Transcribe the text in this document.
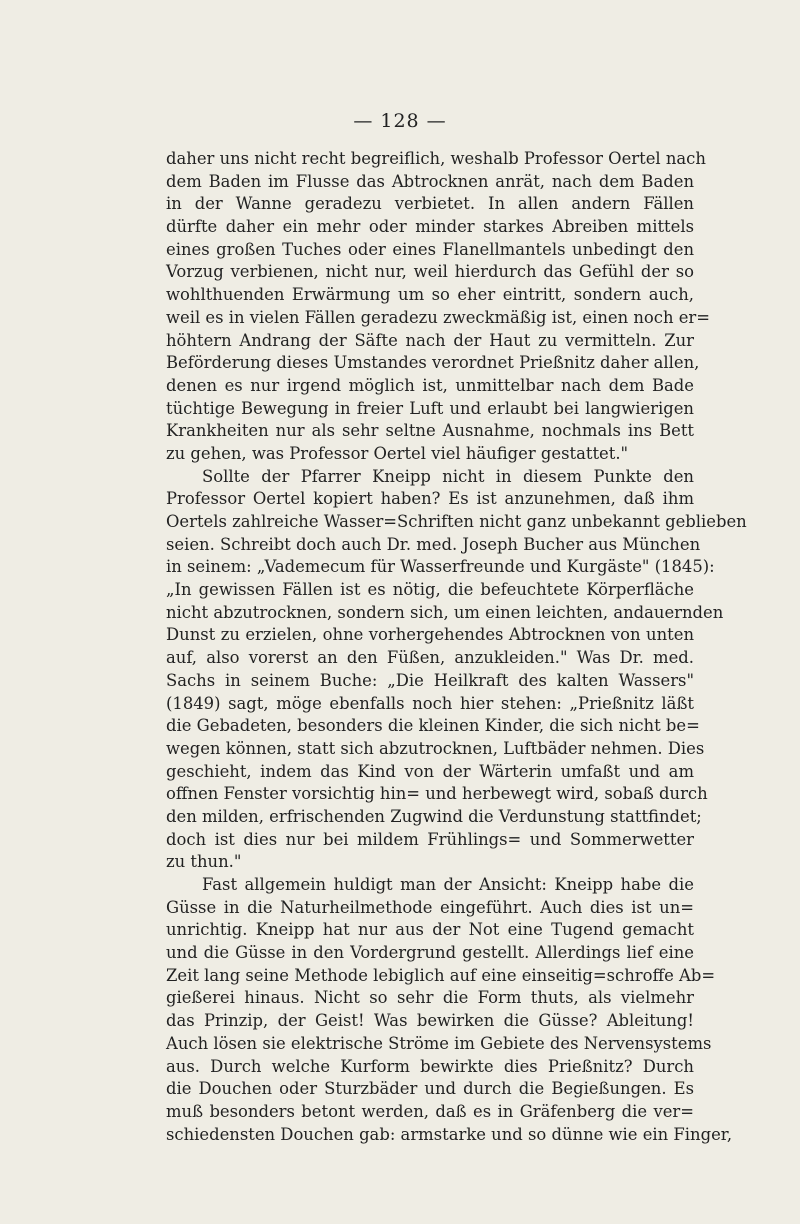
— 128 —
daher uns nicht recht begreiflich, weshalb Professor Oertel nach
dem Baden im Flusse das Abtrocknen anrät, nach dem Baden
in der Wanne geradezu verbietet. In allen andern Fällen
dürfte daher ein mehr oder minder starkes Abreiben mittels
eines großen Tuches oder eines Flanellmantels unbedingt den
Vorzug verbienen, nicht nur, weil hierdurch das Gefühl der so
wohlthuenden Erwärmung um so eher eintritt, sondern auch,
weil es in vielen Fällen geradezu zweckmäßig ist, einen noch er=
höhtern Andrang der Säfte nach der Haut zu vermitteln. Zur
Beförderung dieses Umstandes verordnet Prießnitz daher allen,
denen es nur irgend möglich ist, unmittelbar nach dem Bade
tüchtige Bewegung in freier Luft und erlaubt bei langwierigen
Krankheiten nur als sehr seltne Ausnahme, nochmals ins Bett
zu gehen, was Professor Oertel viel häufiger gestattet."
Sollte der Pfarrer Kneipp nicht in diesem Punkte den
Professor Oertel kopiert haben? Es ist anzunehmen, daß ihm
Oertels zahlreiche Wasser=Schriften nicht ganz unbekannt geblieben
seien. Schreibt doch auch Dr. med. Joseph Bucher aus München
in seinem: „Vademecum für Wasserfreunde und Kurgäste" (1845):
„In gewissen Fällen ist es nötig, die befeuchtete Körperfläche
nicht abzutrocknen, sondern sich, um einen leichten, andauernden
Dunst zu erzielen, ohne vorhergehendes Abtrocknen von unten
auf, also vorerst an den Füßen, anzukleiden." Was Dr. med.
Sachs in seinem Buche: „Die Heilkraft des kalten Wassers"
(1849) sagt, möge ebenfalls noch hier stehen: „Prießnitz läßt
die Gebadeten, besonders die kleinen Kinder, die sich nicht be=
wegen können, statt sich abzutrocknen, Luftbäder nehmen. Dies
geschieht, indem das Kind von der Wärterin umfaßt und am
offnen Fenster vorsichtig hin= und herbewegt wird, sobaß durch
den milden, erfrischenden Zugwind die Verdunstung stattfindet;
doch ist dies nur bei mildem Frühlings= und Sommerwetter
zu thun."
Fast allgemein huldigt man der Ansicht: Kneipp habe die
Güsse in die Naturheilmethode eingeführt. Auch dies ist un=
unrichtig. Kneipp hat nur aus der Not eine Tugend gemacht
und die Güsse in den Vordergrund gestellt. Allerdings lief eine
Zeit lang seine Methode lebiglich auf eine einseitig=schroffe Ab=
gießerei hinaus. Nicht so sehr die Form thuts, als vielmehr
das Prinzip, der Geist! Was bewirken die Güsse? Ableitung!
Auch lösen sie elektrische Ströme im Gebiete des Nervensystems
aus. Durch welche Kurform bewirkte dies Prießnitz? Durch
die Douchen oder Sturzbäder und durch die Begießungen. Es
muß besonders betont werden, daß es in Gräfenberg die ver=
schiedensten Douchen gab: armstarke und so dünne wie ein Finger,
